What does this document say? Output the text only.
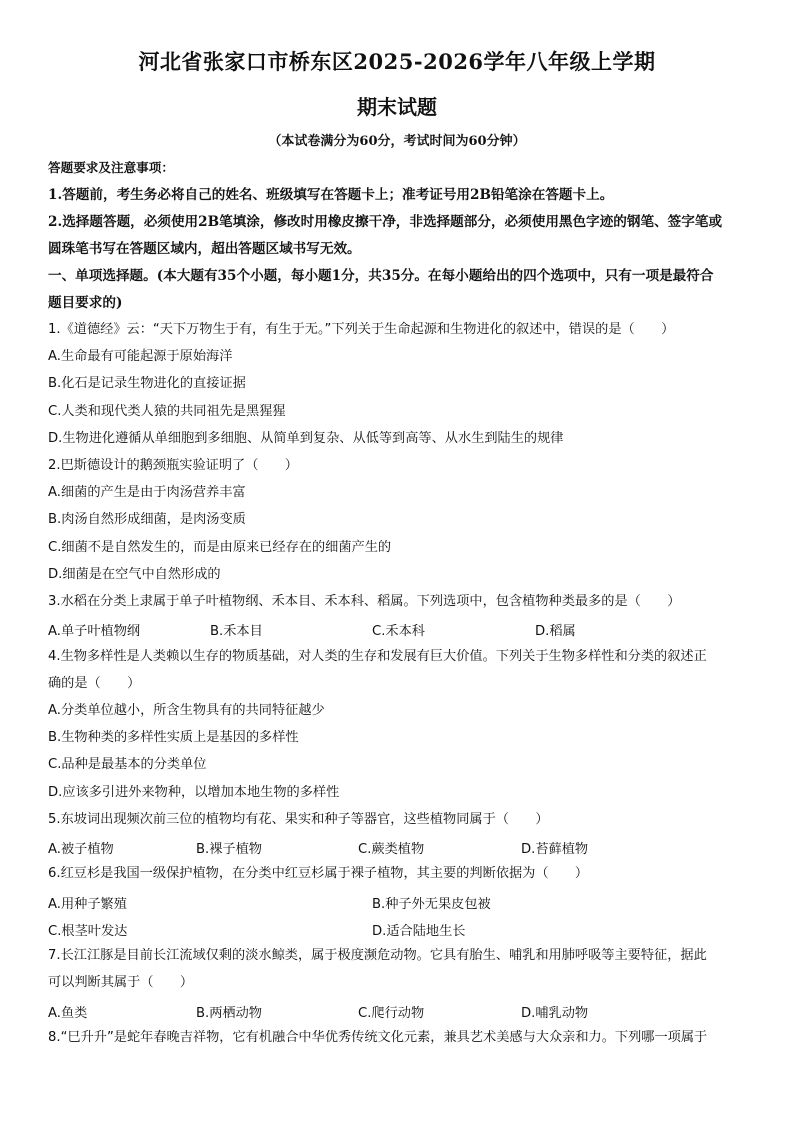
河北省张家口市桥东区2025-2026学年八年级上学期
期末试题
（本试卷满分为60分，考试时间为60分钟）
答题要求及注意事项：
1.答题前，考生务必将自己的姓名、班级填写在答题卡上；准考证号用2B铅笔涂在答题卡上。
2.选择题答题，必须使用2B笔填涂，修改时用橡皮擦干净，非选择题部分，必须使用黑色字迹的钢笔、签字笔或
圆珠笔书写在答题区域内，超出答题区域书写无效。
一、单项选择题。(本大题有35个小题，每小题1分，共35分。在每小题给出的四个选项中，只有一项是最符合
题目要求的)
1.《道德经》云：“天下万物生于有，有生于无。”下列关于生命起源和生物进化的叙述中，错误的是（　　）
A.生命最有可能起源于原始海洋
B.化石是记录生物进化的直接证据
C.人类和现代类人猿的共同祖先是黑猩猩
D.生物进化遵循从单细胞到多细胞、从简单到复杂、从低等到高等、从水生到陆生的规律
2.巴斯德设计的鹅颈瓶实验证明了（　　）
A.细菌的产生是由于肉汤营养丰富
B.肉汤自然形成细菌，是肉汤变质
C.细菌不是自然发生的，而是由原来已经存在的细菌产生的
D.细菌是在空气中自然形成的
3.水稻在分类上隶属于单子叶植物纲、禾本目、禾本科、稻属。下列选项中，包含植物种类最多的是（　　）
A.单子叶植物纲	B.禾本目	C.禾本科	D.稻属
4.生物多样性是人类赖以生存的物质基础，对人类的生存和发展有巨大价值。下列关于生物多样性和分类的叙述正
确的是（　　）
A.分类单位越小，所含生物具有的共同特征越少
B.生物种类的多样性实质上是基因的多样性
C.品种是最基本的分类单位
D.应该多引进外来物种，以增加本地生物的多样性
5.东坡词出现频次前三位的植物均有花、果实和种子等器官，这些植物同属于（　　）
A.被子植物	B.裸子植物	C.蕨类植物	D.苔藓植物
6.红豆杉是我国一级保护植物，在分类中红豆杉属于裸子植物，其主要的判断依据为（　　）
A.用种子繁殖	B.种子外无果皮包被
C.根茎叶发达	D.适合陆地生长
7.长江江豚是目前长江流域仅剩的淡水鲸类，属于极度濒危动物。它具有胎生、哺乳和用肺呼吸等主要特征，据此
可以判断其属于（　　）
A.鱼类	B.两栖动物	C.爬行动物	D.哺乳动物
8.“巳升升”是蛇年春晚吉祥物，它有机融合中华优秀传统文化元素，兼具艺术美感与大众亲和力。下列哪一项属于
